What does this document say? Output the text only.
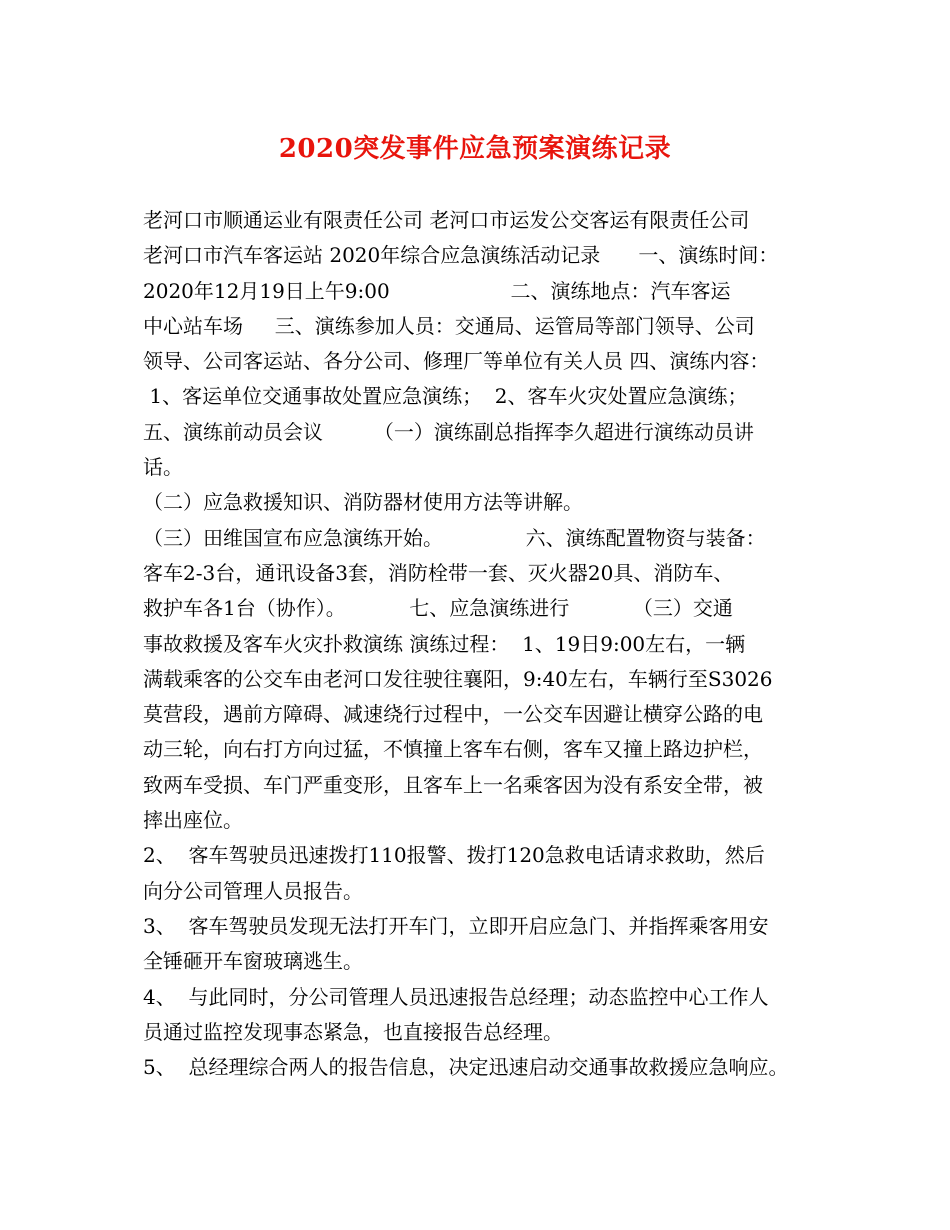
2020突发事件应急预案演练记录
老河口市顺通运业有限责任公司 老河口市运发公交客运有限责任公司
老河口市汽车客运站 2020年综合应急演练活动记录      一、演练时间：
2020年12月19日上午9:00                   二、演练地点：汽车客运
中心站车场     三、演练参加人员：交通局、运管局等部门领导、公司
领导、公司客运站、各分公司、修理厂等单位有关人员 四、演练内容：
1、客运单位交通事故处置应急演练；  2、客车火灾处置应急演练；
五、演练前动员会议        （一）演练副总指挥李久超进行演练动员讲
话。
（二）应急救援知识、消防器材使用方法等讲解。
（三）田维国宣布应急演练开始。             六、演练配置物资与装备：
客车2-3台，通讯设备3套，消防栓带一套、灭火器20具、消防车、
救护车各1台（协作）。          七、应急演练进行          （三）交通
事故救援及客车火灾扑救演练 演练过程：  1、19日9:00左右，一辆
满载乘客的公交车由老河口发往驶往襄阳，9:40左右，车辆行至S3026
莫营段，遇前方障碍、减速绕行过程中，一公交车因避让横穿公路的电
动三轮，向右打方向过猛，不慎撞上客车右侧，客车又撞上路边护栏，
致两车受损、车门严重变形，且客车上一名乘客因为没有系安全带，被
摔出座位。
2、  客车驾驶员迅速拨打110报警、拨打120急救电话请求救助，然后
向分公司管理人员报告。
3、  客车驾驶员发现无法打开车门，立即开启应急门、并指挥乘客用安
全锤砸开车窗玻璃逃生。
4、  与此同时，分公司管理人员迅速报告总经理；动态监控中心工作人
员通过监控发现事态紧急，也直接报告总经理。
5、  总经理综合两人的报告信息，决定迅速启动交通事故救援应急响应。
